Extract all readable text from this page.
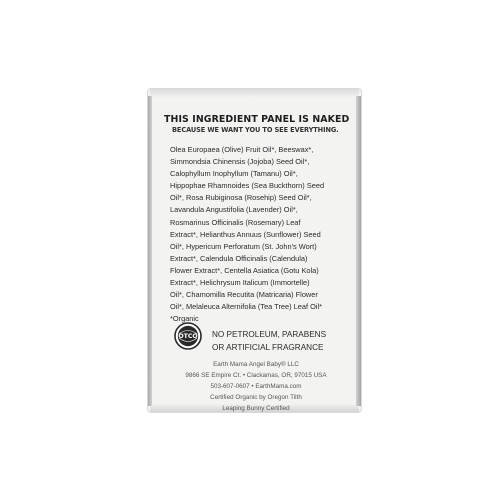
THIS INGREDIENT PANEL IS NAKED
BECAUSE WE WANT YOU TO SEE EVERYTHING.
Olea Europaea (Olive) Fruit Oil*, Beeswax*,
Simmondsia Chinensis (Jojoba) Seed Oil*,
Calophyllum Inophyllum (Tamanu) Oil*,
Hippophae Rhamnoides (Sea Buckthorn) Seed
Oil*, Rosa Rubiginosa (Rosehip) Seed Oil*,
Lavandula Angustifolia (Lavender) Oil*,
Rosmarinus Officinalis (Rosemary) Leaf
Extract*, Helianthus Annuus (Sunflower) Seed
Oil*, Hypericum Perforatum (St. John's Wort)
Extract*, Calendula Officinalis (Calendula)
Flower Extract*, Centella Asiatica (Gotu Kola)
Extract*, Helichrysum Italicum (Immortelle)
Oil*, Chamomilla Recutita (Matricaria) Flower
Oil*, Melaleuca Alternifolia (Tea Tree) Leaf Oil*
*Organic
OTCO NO PETROLEUM, PARABENS
OR ARTIFICIAL FRAGRANCE
Earth Mama Angel Baby® LLC
9866 SE Empire Ct. • Clackamas, OR, 97015 USA
503-607-0607 • EarthMama.com
Certified Organic by Oregon Tilth
Leaping Bunny Certified
